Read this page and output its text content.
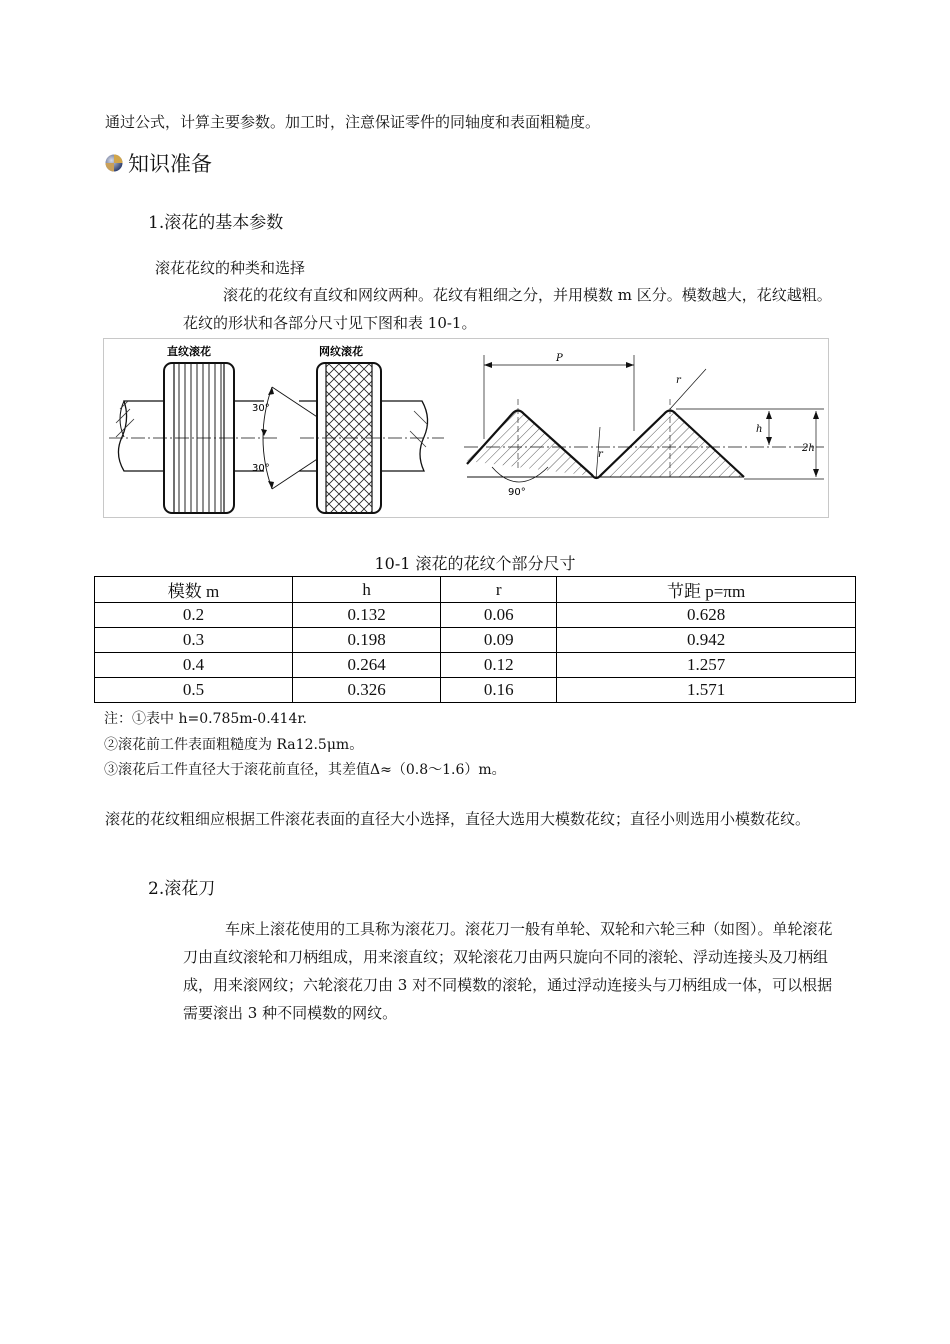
通过公式，计算主要参数。加工时，注意保证零件的同轴度和表面粗糙度。
知识准备
1.滚花的基本参数
滚花花纹的种类和选择
滚花的花纹有直纹和网纹两种。花纹有粗细之分，并用模数 m 区分。模数越大，花纹越粗。花纹的形状和各部分尺寸见下图和表 10-1。
直纹滚花
30°
30°
网纹滚花
P
r
r
h
2h
90°
10-1 滚花的花纹个部分尺寸
模数 m	h	r	节距 p=πm
0.2	0.132	0.06	0.628
0.3	0.198	0.09	0.942
0.4	0.264	0.12	1.257
0.5	0.326	0.16	1.571
注：①表中 h=0.785m-0.414r.
②滚花前工件表面粗糙度为 Ra12.5μm。
③滚花后工件直径大于滚花前直径，其差值Δ≈（0.8～1.6）m。
滚花的花纹粗细应根据工件滚花表面的直径大小选择，直径大选用大模数花纹；直径小则选用小模数花纹。
2.滚花刀
车床上滚花使用的工具称为滚花刀。滚花刀一般有单轮、双轮和六轮三种（如图）。单轮滚花刀由直纹滚轮和刀柄组成，用来滚直纹；双轮滚花刀由两只旋向不同的滚轮、浮动连接头及刀柄组成，用来滚网纹；六轮滚花刀由 3 对不同模数的滚轮，通过浮动连接头与刀柄组成一体，可以根据需要滚出 3 种不同模数的网纹。
